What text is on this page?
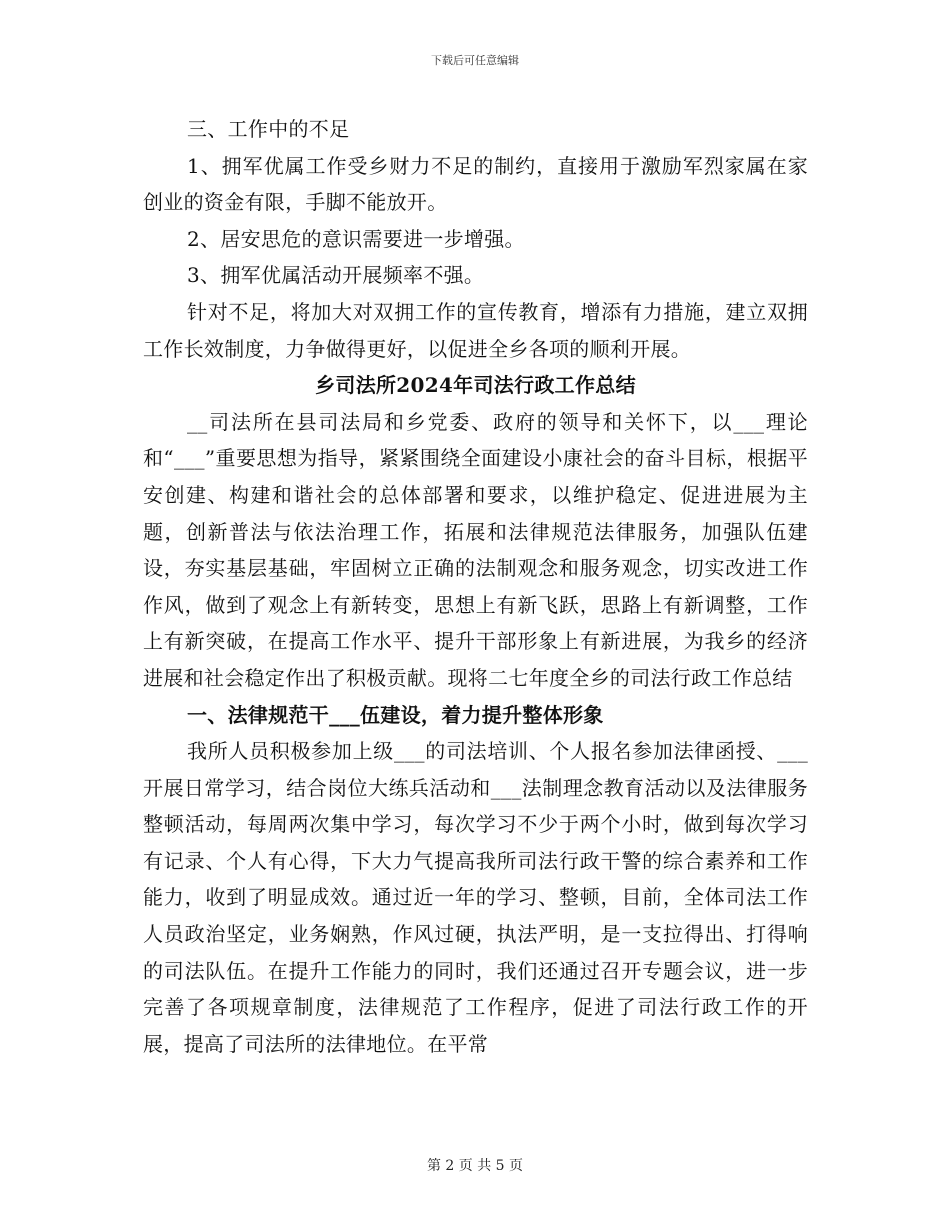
下载后可任意编辑

三、工作中的不足

1、拥军优属工作受乡财力不足的制约，直接用于激励军烈家属在家创业的资金有限，手脚不能放开。

2、居安思危的意识需要进一步增强。

3、拥军优属活动开展频率不强。

针对不足，将加大对双拥工作的宣传教育，增添有力措施，建立双拥工作长效制度，力争做得更好，以促进全乡各项的顺利开展。

乡司法所2024年司法行政工作总结

__司法所在县司法局和乡党委、政府的领导和关怀下，以___理论和“___”重要思想为指导，紧紧围绕全面建设小康社会的奋斗目标，根据平安创建、构建和谐社会的总体部署和要求，以维护稳定、促进进展为主题，创新普法与依法治理工作，拓展和法律规范法律服务，加强队伍建设，夯实基层基础，牢固树立正确的法制观念和服务观念，切实改进工作作风，做到了观念上有新转变，思想上有新飞跃，思路上有新调整，工作上有新突破，在提高工作水平、提升干部形象上有新进展，为我乡的经济进展和社会稳定作出了积极贡献。现将二七年度全乡的司法行政工作总结

一、法律规范干___伍建设，着力提升整体形象

我所人员积极参加上级___的司法培训、个人报名参加法律函授、___开展日常学习，结合岗位大练兵活动和___法制理念教育活动以及法律服务整顿活动，每周两次集中学习，每次学习不少于两个小时，做到每次学习有记录、个人有心得，下大力气提高我所司法行政干警的综合素养和工作能力，收到了明显成效。通过近一年的学习、整顿，目前，全体司法工作人员政治坚定，业务娴熟，作风过硬，执法严明，是一支拉得出、打得响的司法队伍。在提升工作能力的同时，我们还通过召开专题会议，进一步完善了各项规章制度，法律规范了工作程序，促进了司法行政工作的开展，提高了司法所的法律地位。在平常

第 2 页 共 5 页
